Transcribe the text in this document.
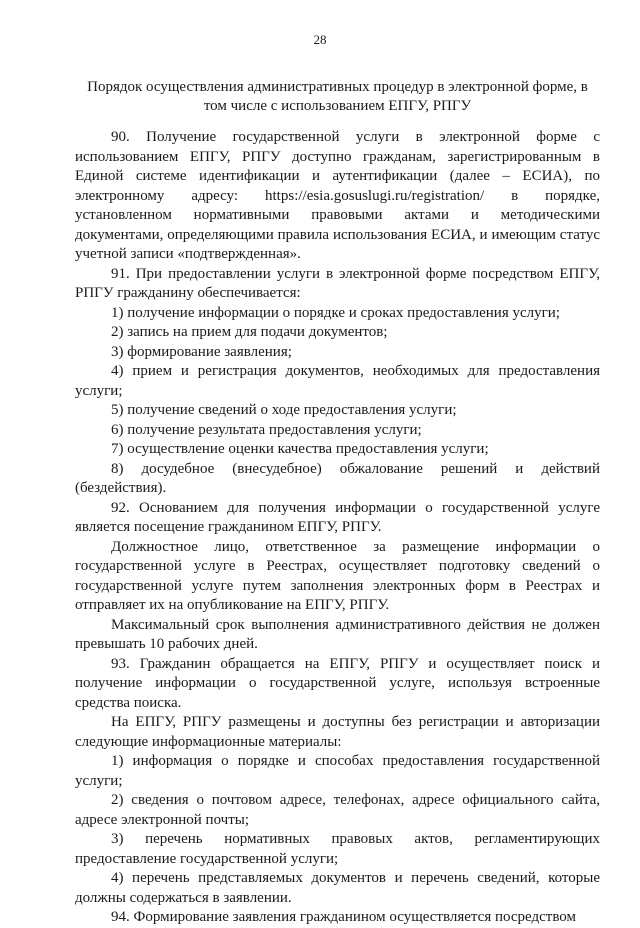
28
Порядок осуществления административных процедур в электронной форме, в том числе с использованием ЕПГУ, РПГУ

90. Получение государственной услуги в электронной форме с использованием ЕПГУ, РПГУ доступно гражданам, зарегистрированным в Единой системе идентификации и аутентификации (далее – ЕСИА), по электронному адресу: https://esia.gosuslugi.ru/registration/ в порядке, установленном нормативными правовыми актами и методическими документами, определяющими правила использования ЕСИА, и имеющим статус учетной записи «подтвержденная».

91. При предоставлении услуги в электронной форме посредством ЕПГУ, РПГУ гражданину обеспечивается:

1) получение информации о порядке и сроках предоставления услуги;

2) запись на прием для подачи документов;

3) формирование заявления;

4) прием и регистрация документов, необходимых для предоставления услуги;

5) получение сведений о ходе предоставления услуги;

6) получение результата предоставления услуги;

7) осуществление оценки качества предоставления услуги;

8) досудебное (внесудебное) обжалование решений и действий (бездействия).

92. Основанием для получения информации о государственной услуге является посещение гражданином ЕПГУ, РПГУ.

Должностное лицо, ответственное за размещение информации о государственной услуге в Реестрах, осуществляет подготовку сведений о государственной услуге путем заполнения электронных форм в Реестрах и отправляет их на опубликование на ЕПГУ, РПГУ.

Максимальный срок выполнения административного действия не должен превышать 10 рабочих дней.

93. Гражданин обращается на ЕПГУ, РПГУ и осуществляет поиск и получение информации о государственной услуге, используя встроенные средства поиска.

На ЕПГУ, РПГУ размещены и доступны без регистрации и авторизации следующие информационные материалы:

1) информация о порядке и способах предоставления государственной услуги;

2) сведения о почтовом адресе, телефонах, адресе официального сайта, адресе электронной почты;

3) перечень нормативных правовых актов, регламентирующих предоставление государственной услуги;

4) перечень представляемых документов и перечень сведений, которые должны содержаться в заявлении.

94. Формирование заявления гражданином осуществляется посредством
